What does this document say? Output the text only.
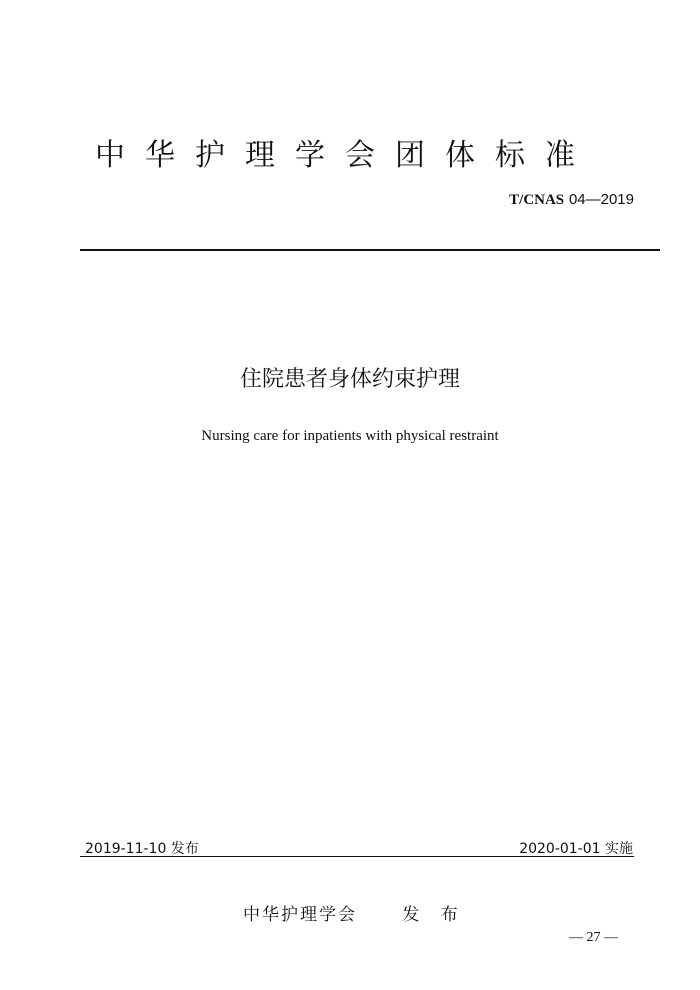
中华护理学会团体标准
T/CNAS 04—2019
住院患者身体约束护理
Nursing care for inpatients with physical restraint
2019-11-10 发布	2020-01-01 实施
中华护理学会	发 布
— 27 —
